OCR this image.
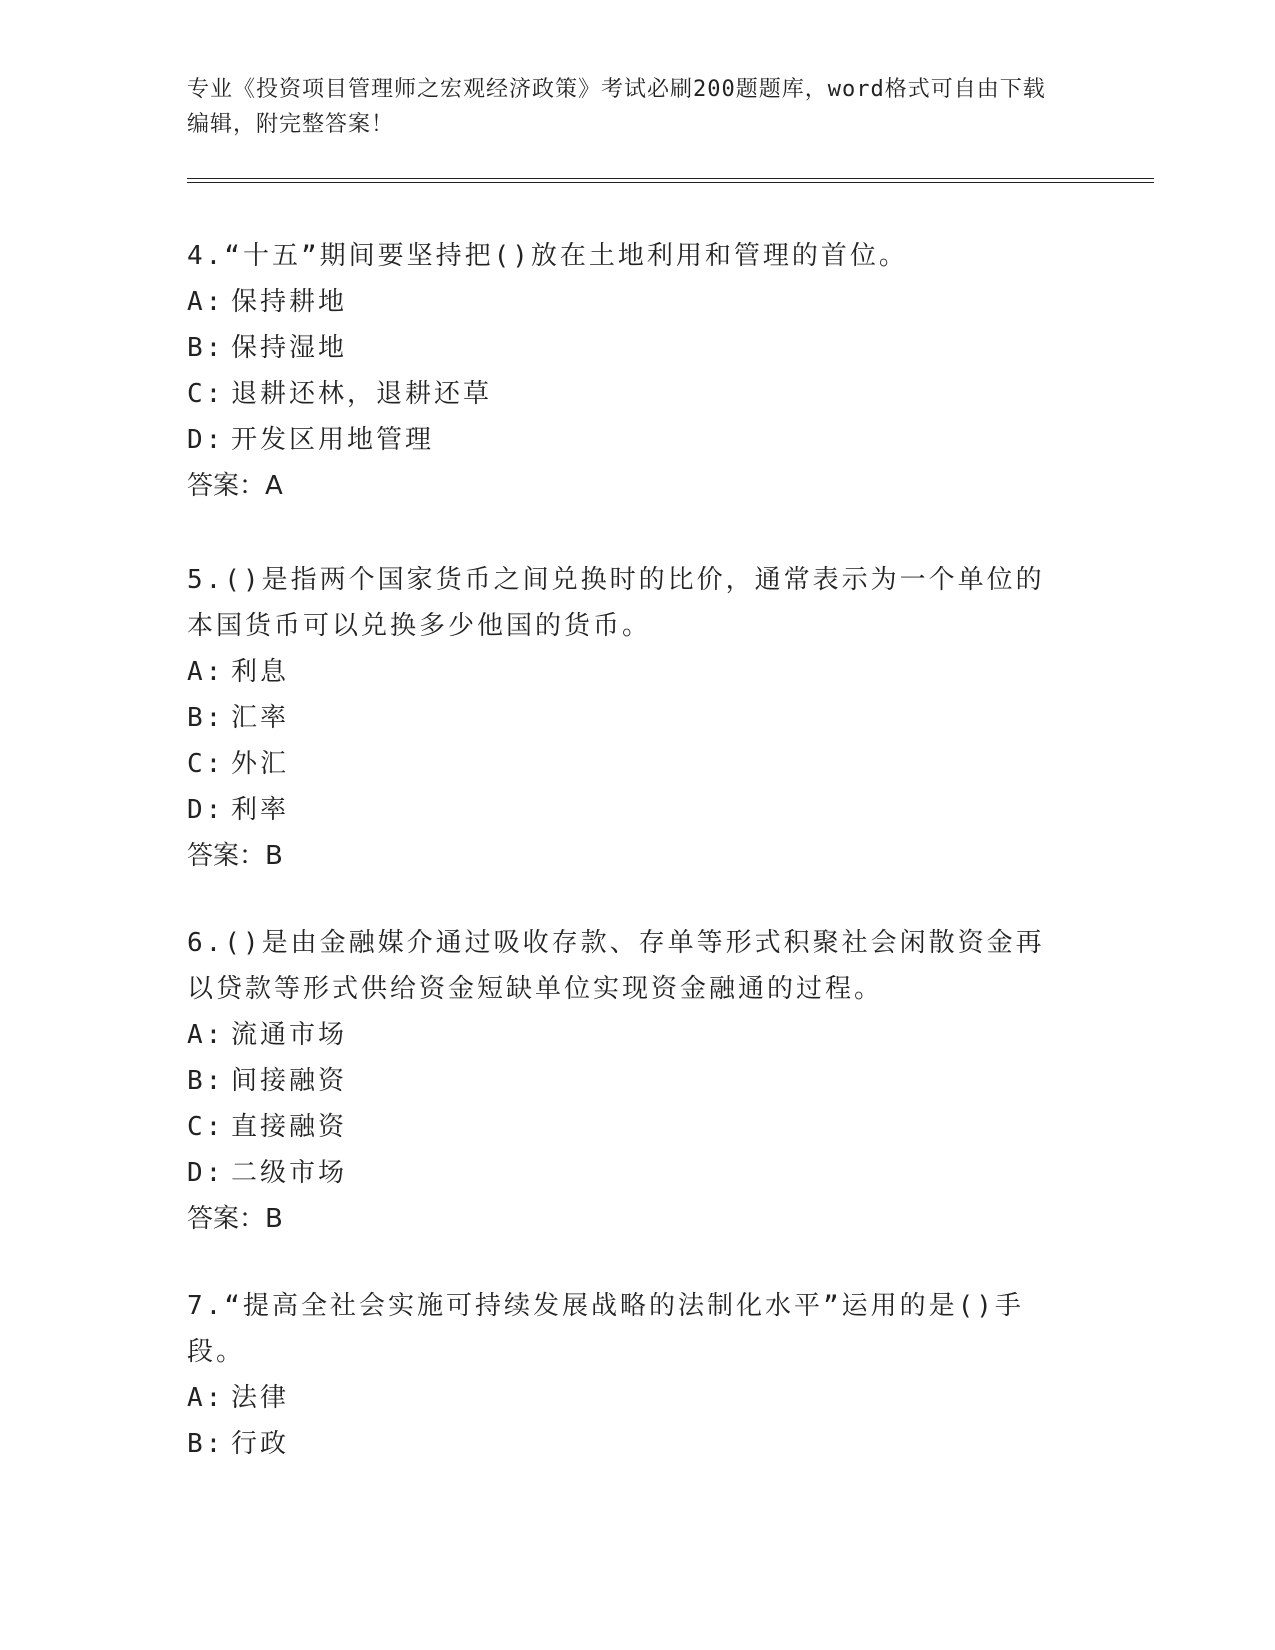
专业《投资项目管理师之宏观经济政策》考试必刷200题题库，word格式可自由下载编辑，附完整答案！

4.“十五”期间要坚持把()放在土地利用和管理的首位。

A: 保持耕地

B: 保持湿地

C: 退耕还林，退耕还草

D: 开发区用地管理

答案：A

5.()是指两个国家货币之间兑换时的比价，通常表示为一个单位的本国货币可以兑换多少他国的货币。

A: 利息

B: 汇率

C: 外汇

D: 利率

答案：B

6.()是由金融媒介通过吸收存款、存单等形式积聚社会闲散资金再以贷款等形式供给资金短缺单位实现资金融通的过程。

A: 流通市场

B: 间接融资

C: 直接融资

D: 二级市场

答案：B

7.“提高全社会实施可持续发展战略的法制化水平”运用的是()手段。

A: 法律

B: 行政
